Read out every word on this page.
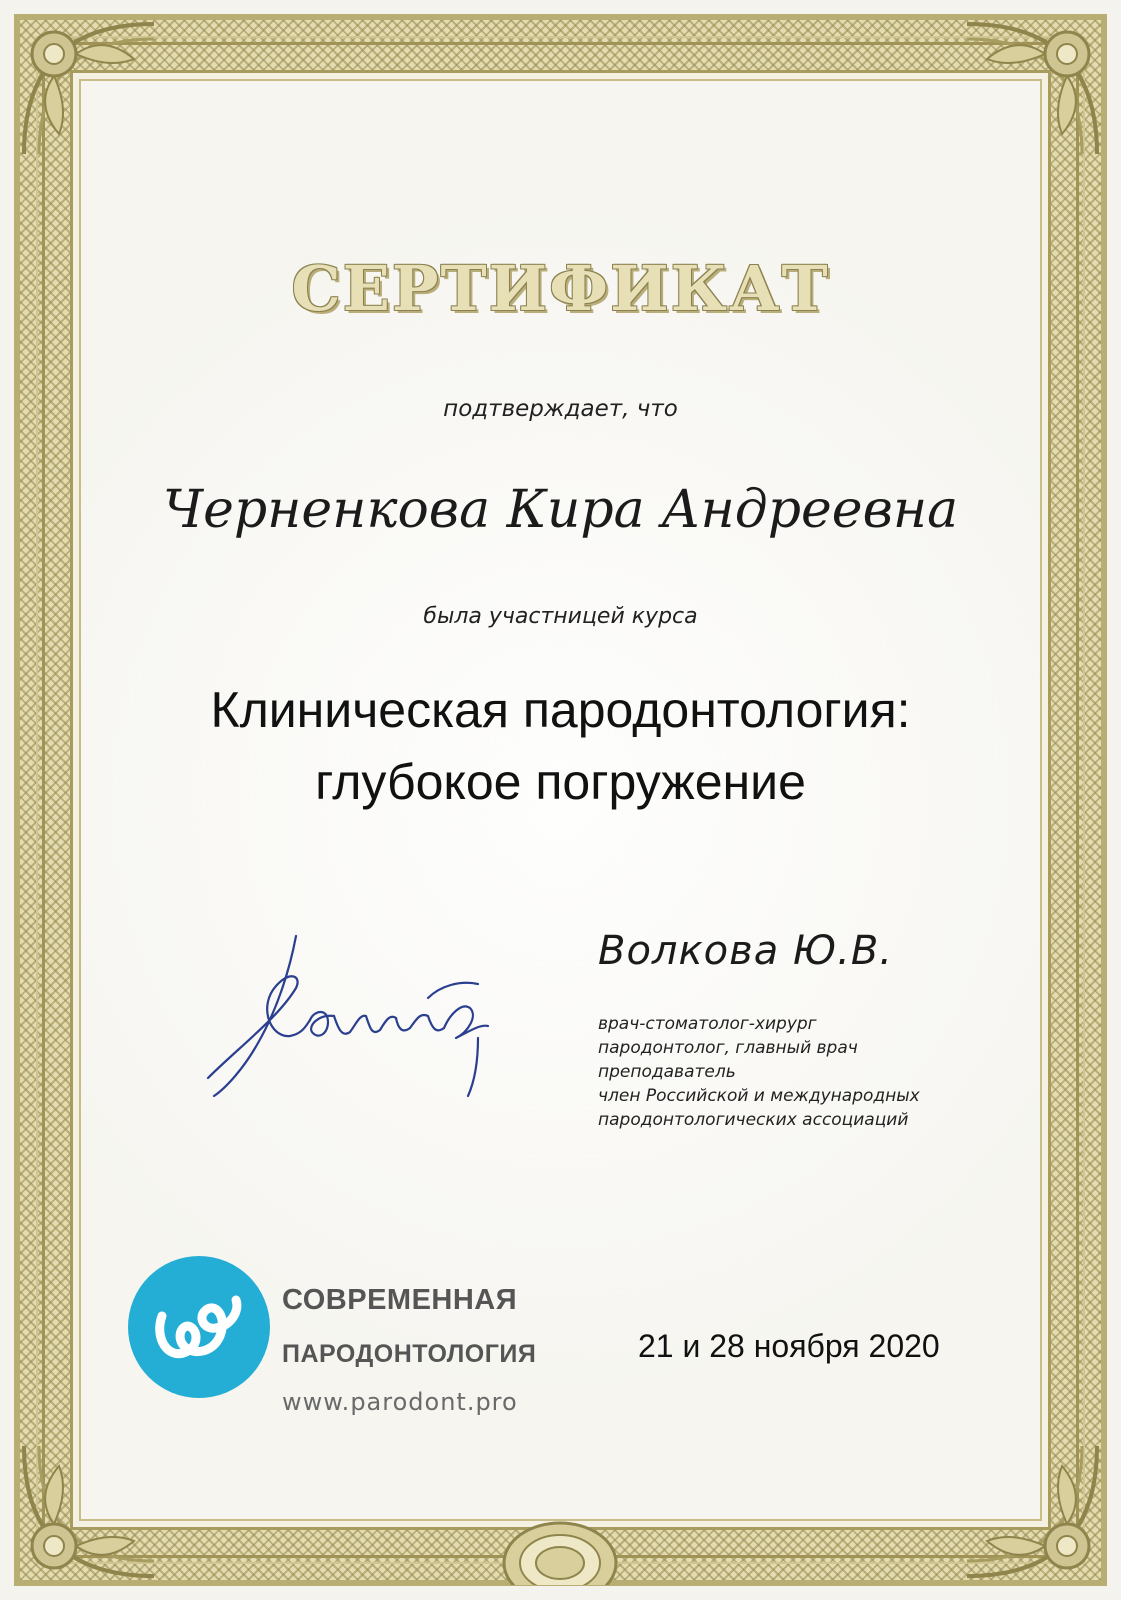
СЕРТИФИКАТ
подтверждает, что
Черненкова Кира Андреевна
была участницей курса
Клиническая пародонтология:
глубокое погружение
Волкова Ю.В.
врач-стоматолог-хирург
пародонтолог, главный врач
преподаватель
член Российской и международных
пародонтологических ассоциаций
СОВРЕМЕННАЯ
ПАРОДОНТОЛОГИЯ
www.parodont.pro
21 и 28 ноября 2020
